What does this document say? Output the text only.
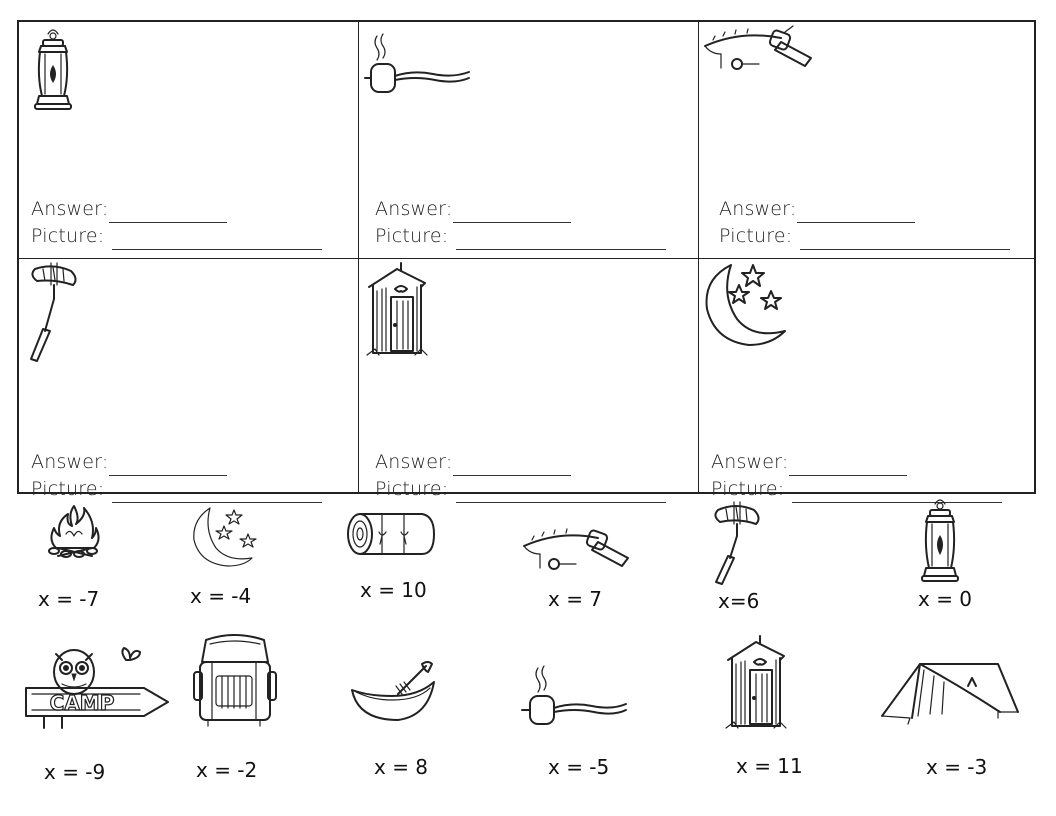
Answer:
Picture:
Answer:
Picture:
Answer:
Picture:
Answer:
Picture:
Answer:
Picture:
Answer:
Picture:
x = -7	x = -4	x = 10	x = 7	x=6	x = 0
CAMP
x = -9	x = -2	x = 8	x = -5	x = 11	x = -3
